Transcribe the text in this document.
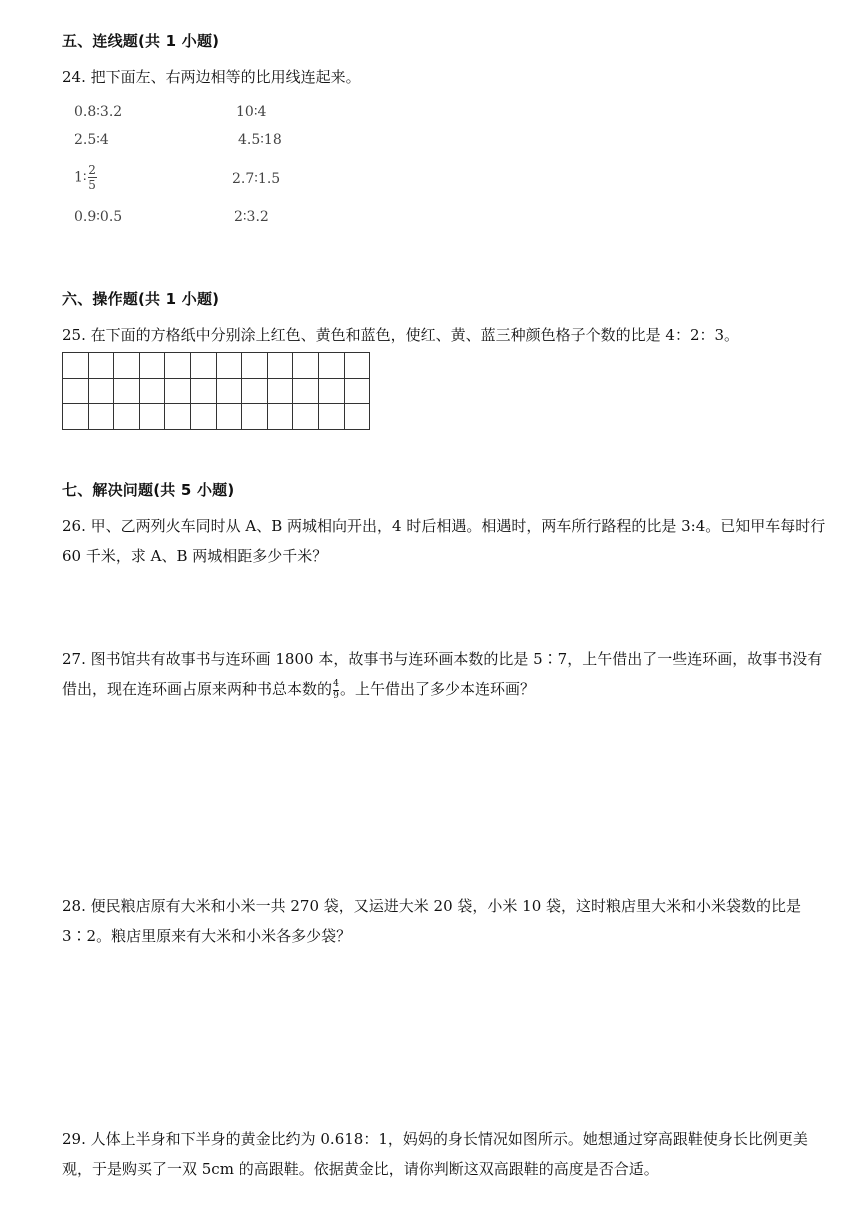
五、连线题(共 1 小题)
24. 把下面左、右两边相等的比用线连起来。
0.8∶3.2
2.5∶4
1∶ $\frac{2}{5}$
0.9∶0.5
10∶4
4.5∶18
2.7∶1.5
2∶3.2
六、操作题(共 1 小题)
25. 在下面的方格纸中分别涂上红色、黄色和蓝色，使红、黄、蓝三种颜色格子个数的比是 4：2：3。
七、解决问题(共 5 小题)
26. 甲、乙两列火车同时从 A、B 两城相向开出，4 时后相遇。相遇时，两车所行路程的比是 3:4。已知甲车每时行 60 千米，求 A、B 两城相距多少千米？
27. 图书馆共有故事书与连环画 1800 本，故事书与连环画本数的比是 5∶7，上午借出了一些连环画，故事书没有借出，现在连环画占原来两种书总本数的 $\frac{4}{9}$ 。上午借出了多少本连环画？
28. 便民粮店原有大米和小米一共 270 袋，又运进大米 20 袋，小米 10 袋，这时粮店里大米和小米袋数的比是 3∶2。粮店里原来有大米和小米各多少袋？
29. 人体上半身和下半身的黄金比约为 0.618：1，妈妈的身长情况如图所示。她想通过穿高跟鞋使身长比例更美观，于是购买了一双 5cm 的高跟鞋。依据黄金比，请你判断这双高跟鞋的高度是否合适。
